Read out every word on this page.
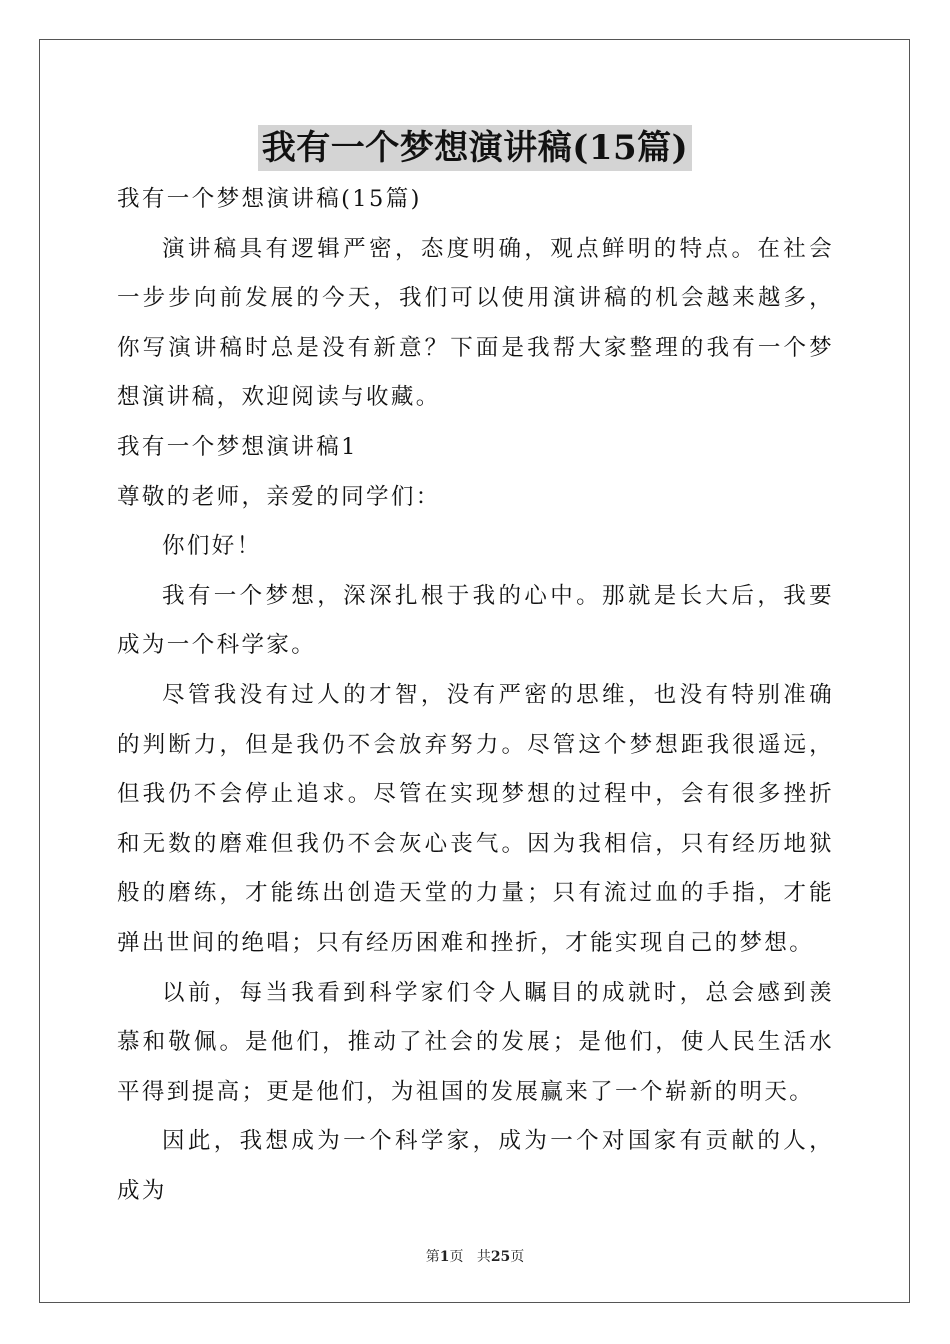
我有一个梦想演讲稿(15篇)

我有一个梦想演讲稿(15篇)

演讲稿具有逻辑严密，态度明确，观点鲜明的特点。在社会一步步向前发展的今天，我们可以使用演讲稿的机会越来越多，你写演讲稿时总是没有新意？下面是我帮大家整理的我有一个梦想演讲稿，欢迎阅读与收藏。

我有一个梦想演讲稿1

尊敬的老师，亲爱的同学们：

你们好！

我有一个梦想，深深扎根于我的心中。那就是长大后，我要成为一个科学家。

尽管我没有过人的才智，没有严密的思维，也没有特别准确的判断力，但是我仍不会放弃努力。尽管这个梦想距我很遥远，但我仍不会停止追求。尽管在实现梦想的过程中，会有很多挫折和无数的磨难但我仍不会灰心丧气。因为我相信，只有经历地狱般的磨练，才能练出创造天堂的力量；只有流过血的手指，才能弹出世间的绝唱；只有经历困难和挫折，才能实现自己的梦想。

以前，每当我看到科学家们令人瞩目的成就时，总会感到羡慕和敬佩。是他们，推动了社会的发展；是他们，使人民生活水平得到提高；更是他们，为祖国的发展赢来了一个崭新的明天。

因此，我想成为一个科学家，成为一个对国家有贡献的人，成为

第1页 共25页
